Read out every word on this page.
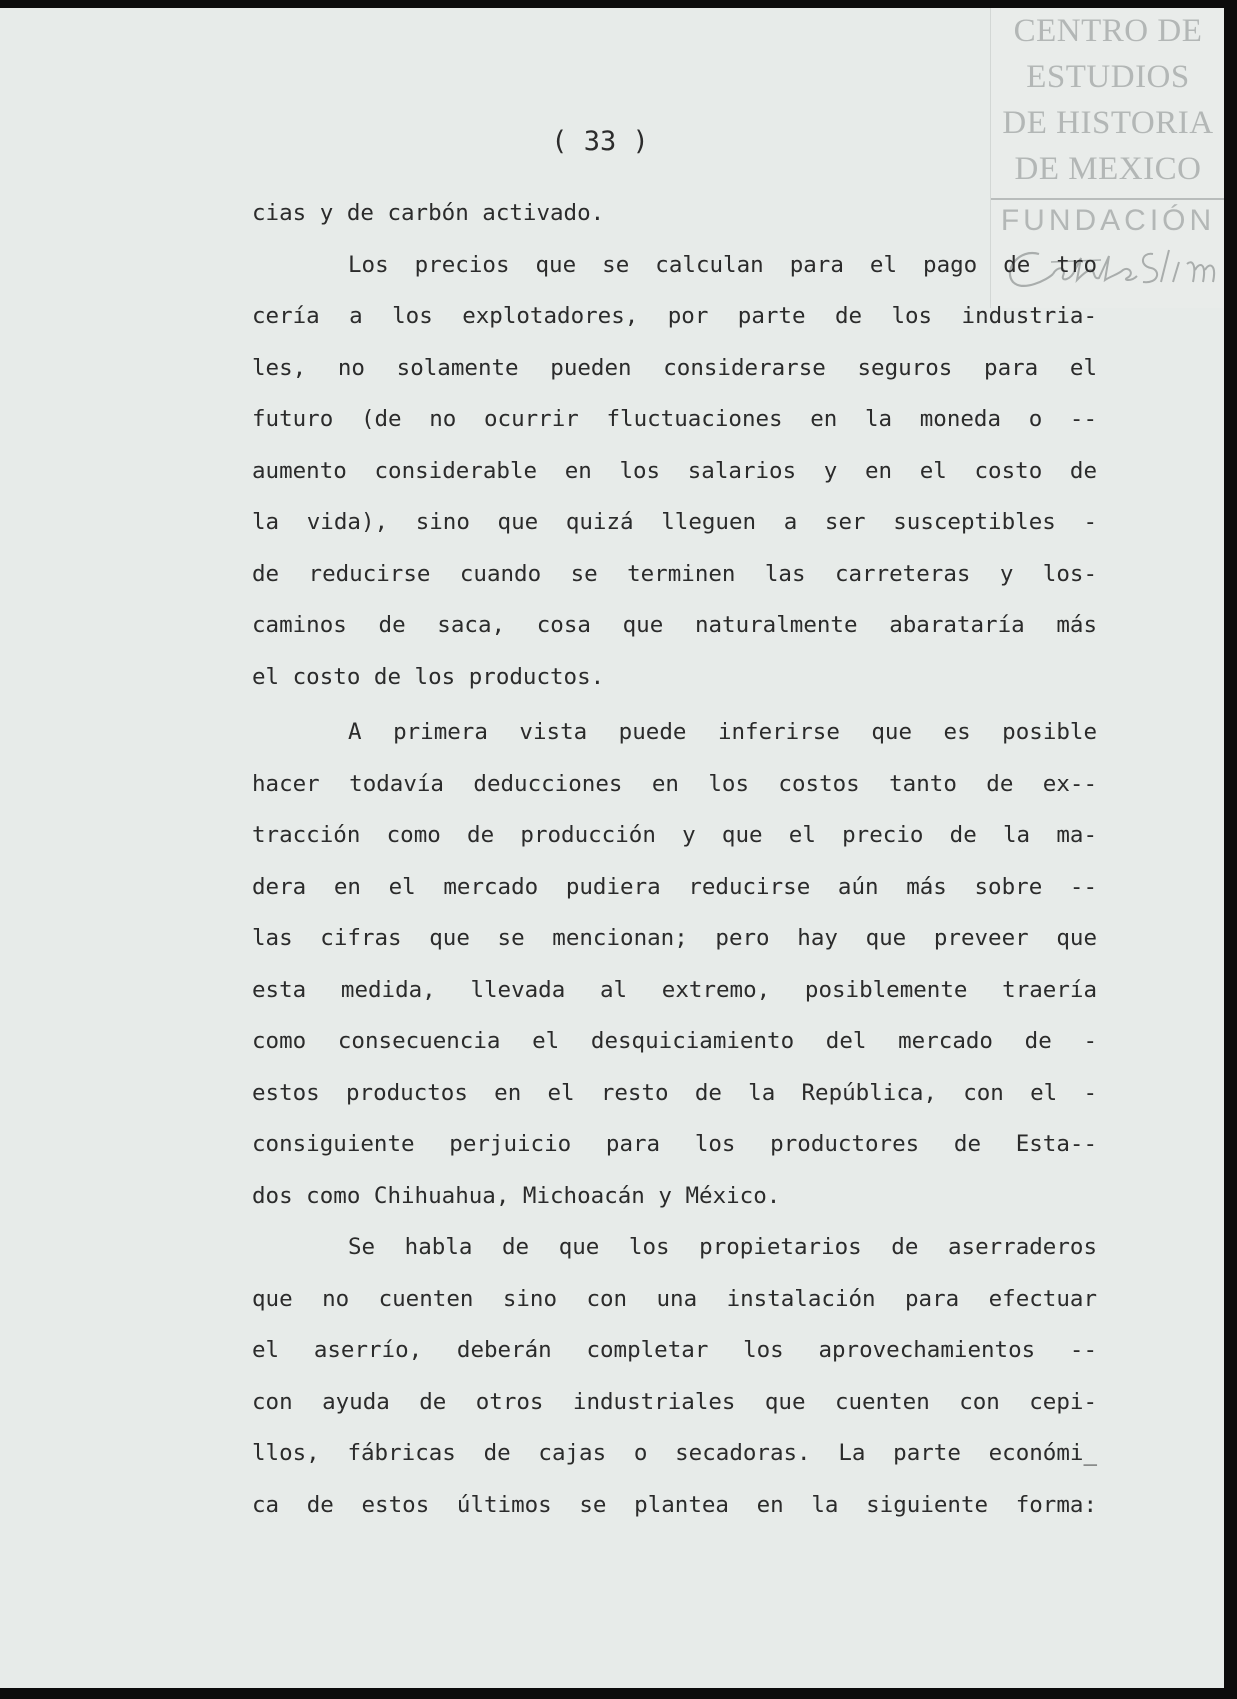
CENTRO DE
ESTUDIOS
DE HISTORIA
DE MEXICO
FUNDACIÓN
( 33 )
cias y de carbón activado.
Los precios que se calculan para el pago de tro
cería a los explotadores, por parte de los industria-
les, no solamente pueden considerarse seguros para el
futuro (de no ocurrir fluctuaciones en la moneda o --
aumento considerable en los salarios y en el costo de
la vida), sino que quizá lleguen a ser susceptibles -
de reducirse cuando se terminen las carreteras y los-
caminos de saca, cosa que naturalmente abarataría más
el costo de los productos.
A primera vista puede inferirse que es posible
hacer todavía deducciones en los costos tanto de ex--
tracción como de producción y que el precio de la ma-
dera en el mercado pudiera reducirse aún más sobre --
las cifras que se mencionan; pero hay que preveer que
esta medida, llevada al extremo, posiblemente traería
como consecuencia el desquiciamiento del mercado de -
estos productos en el resto de la República, con el -
consiguiente perjuicio para los productores de Esta--
dos como Chihuahua, Michoacán y México.
Se habla de que los propietarios de aserraderos
que no cuenten sino con una instalación para efectuar
el aserrío, deberán completar los aprovechamientos --
con ayuda de otros industriales que cuenten con cepi-
llos, fábricas de cajas o secadoras. La parte económi_
ca de estos últimos se plantea en la siguiente forma:
